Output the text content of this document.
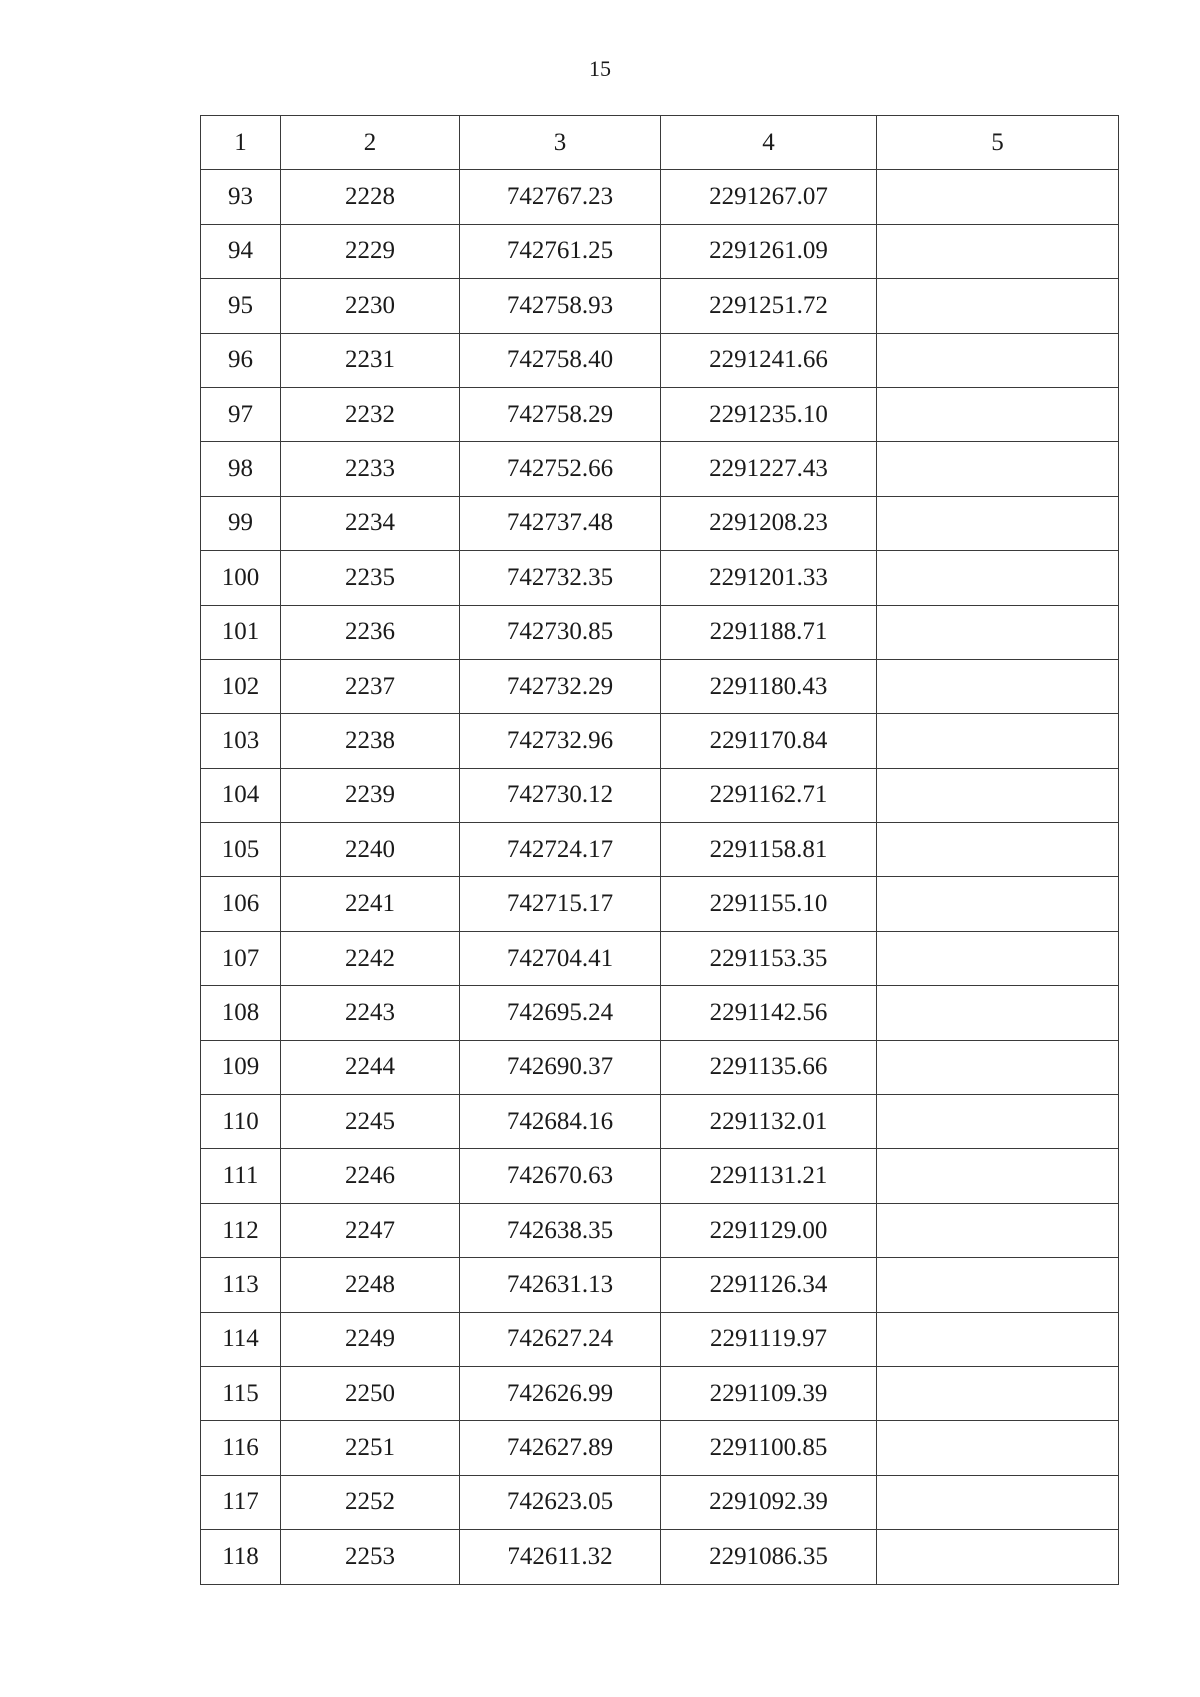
15
1	2	3	4	5
93	2228	742767.23	2291267.07	
94	2229	742761.25	2291261.09	
95	2230	742758.93	2291251.72	
96	2231	742758.40	2291241.66	
97	2232	742758.29	2291235.10	
98	2233	742752.66	2291227.43	
99	2234	742737.48	2291208.23	
100	2235	742732.35	2291201.33	
101	2236	742730.85	2291188.71	
102	2237	742732.29	2291180.43	
103	2238	742732.96	2291170.84	
104	2239	742730.12	2291162.71	
105	2240	742724.17	2291158.81	
106	2241	742715.17	2291155.10	
107	2242	742704.41	2291153.35	
108	2243	742695.24	2291142.56	
109	2244	742690.37	2291135.66	
110	2245	742684.16	2291132.01	
111	2246	742670.63	2291131.21	
112	2247	742638.35	2291129.00	
113	2248	742631.13	2291126.34	
114	2249	742627.24	2291119.97	
115	2250	742626.99	2291109.39	
116	2251	742627.89	2291100.85	
117	2252	742623.05	2291092.39	
118	2253	742611.32	2291086.35	
